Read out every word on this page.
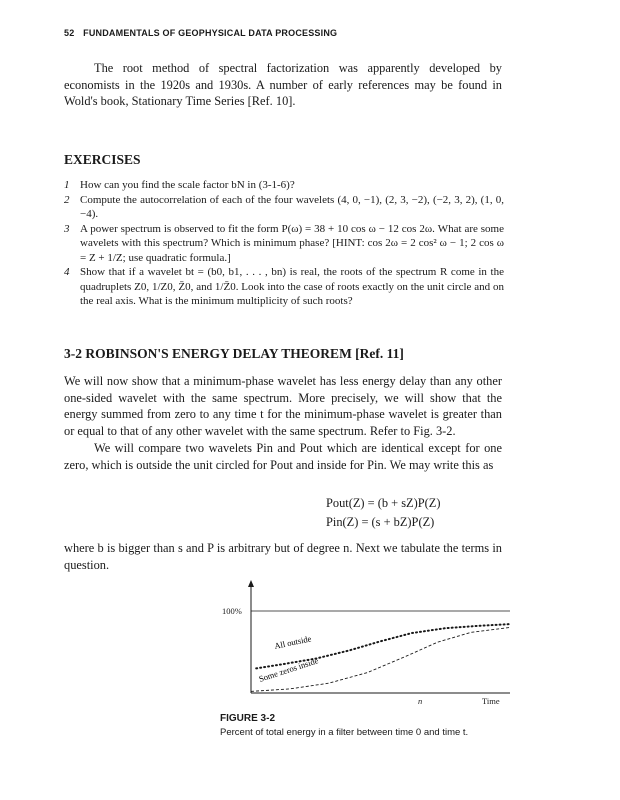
52 FUNDAMENTALS OF GEOPHYSICAL DATA PROCESSING

The root method of spectral factorization was apparently developed by economists in the 1920s and 1930s. A number of early references may be found in Wold's book, Stationary Time Series [Ref. 10].

EXERCISES

1 How can you find the scale factor bN in (3-1-6)?
2 Compute the autocorrelation of each of the four wavelets (4, 0, −1), (2, 3, −2), (−2, 3, 2), (1, 0, −4).
3 A power spectrum is observed to fit the form P(ω) = 38 + 10 cos ω − 12 cos 2ω. What are some wavelets with this spectrum? Which is minimum phase? [HINT: cos 2ω = 2 cos² ω − 1; 2 cos ω = Z + 1/Z; use quadratic formula.]
4 Show that if a wavelet bt = (b0, b1, . . . , bn) is real, the roots of the spectrum R come in the quadruplets Z0, 1/Z0, Z̄0, and 1/Z̄0. Look into the case of roots exactly on the unit circle and on the real axis. What is the minimum multiplicity of such roots?

3-2 ROBINSON'S ENERGY DELAY THEOREM [Ref. 11]

We will now show that a minimum-phase wavelet has less energy delay than any other one-sided wavelet with the same spectrum. More precisely, we will show that the energy summed from zero to any time t for the minimum-phase wavelet is greater than or equal to that of any other wavelet with the same spectrum. Refer to Fig. 3-2.

We will compare two wavelets Pin and Pout which are identical except for one zero, which is outside the unit circled for Pout and inside for Pin. We may write this as

Pout(Z) = (b + sZ)P(Z)
Pin(Z) = (s + bZ)P(Z)

where b is bigger than s and P is arbitrary but of degree n. Next we tabulate the terms in question.

All outside
Some zeros inside
100%
n	Time
FIGURE 3-2
Percent of total energy in a filter between time 0 and time t.
